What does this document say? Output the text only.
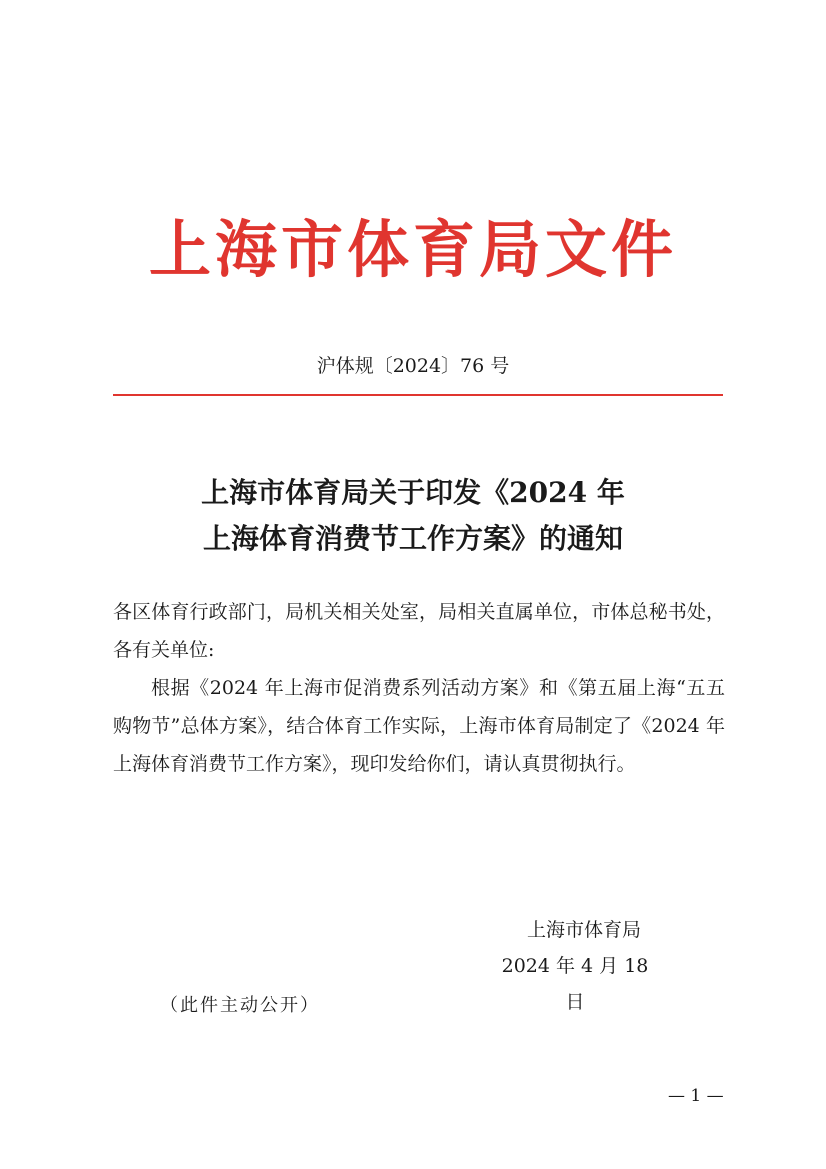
上海市体育局文件
沪体规〔2024〕76 号
上海市体育局关于印发《2024 年
上海体育消费节工作方案》的通知

各区体育行政部门，局机关相关处室，局相关直属单位，市体总秘书处，各有关单位:

根据《2024 年上海市促消费系列活动方案》和《第五届上海“五五购物节”总体方案》，结合体育工作实际，上海市体育局制定了《2024 年上海体育消费节工作方案》，现印发给你们，请认真贯彻执行。

上海市体育局
2024 年 4 月 18 日
（此件主动公开）
— 1 —
